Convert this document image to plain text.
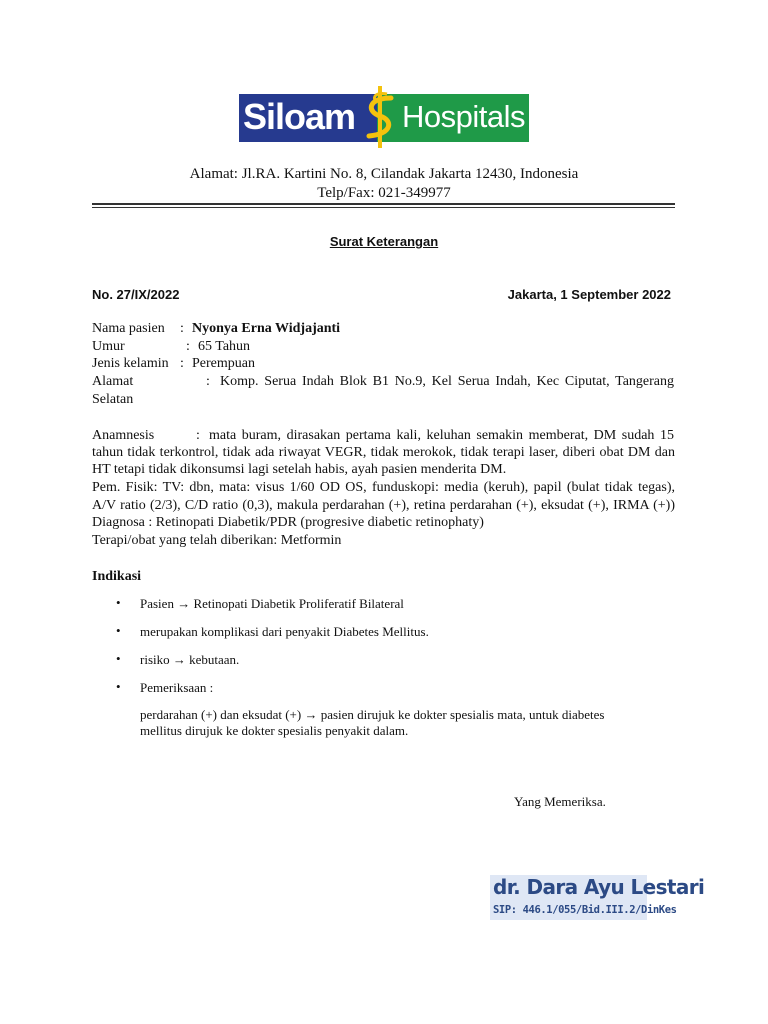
Siloam Hospitals
Alamat: Jl.RA. Kartini No. 8, Cilandak Jakarta 12430, Indonesia
Telp/Fax: 021-349977
Surat Keterangan
No. 27/IX/2022	Jakarta, 1 September 2022
Nama pasien : Nyonya Erna Widjajanti
Umur	: 65 Tahun
Jenis kelamin : Perempuan
Alamat	: Komp. Serua Indah Blok B1 No.9, Kel Serua Indah, Kec Ciputat, Tangerang
Selatan
Anamnesis	: mata buram, dirasakan pertama kali, keluhan semakin memberat, DM sudah 15
tahun tidak terkontrol, tidak ada riwayat VEGR, tidak merokok, tidak terapi laser, diberi obat DM dan
HT tetapi tidak dikonsumsi lagi setelah habis, ayah pasien menderita DM.
Pem. Fisik: TV: dbn, mata: visus 1/60 OD OS, funduskopi: media (keruh), papil (bulat tidak tegas),
A/V ratio (2/3), C/D ratio (0,3), makula perdarahan (+), retina perdarahan (+), eksudat (+), IRMA (+))
Diagnosa : Retinopati Diabetik/PDR (progresive diabetic retinophaty)
Terapi/obat yang telah diberikan: Metformin
Indikasi
• Pasien → Retinopati Diabetik Proliferatif Bilateral
• merupakan komplikasi dari penyakit Diabetes Mellitus.
• risiko → kebutaan.
• Pemeriksaan :
perdarahan (+) dan eksudat (+) → pasien dirujuk ke dokter spesialis mata, untuk diabetes
mellitus dirujuk ke dokter spesialis penyakit dalam.
Yang Memeriksa.
dr. Dara Ayu Lestari
SIP: 446.1/055/Bid.III.2/DinKes
